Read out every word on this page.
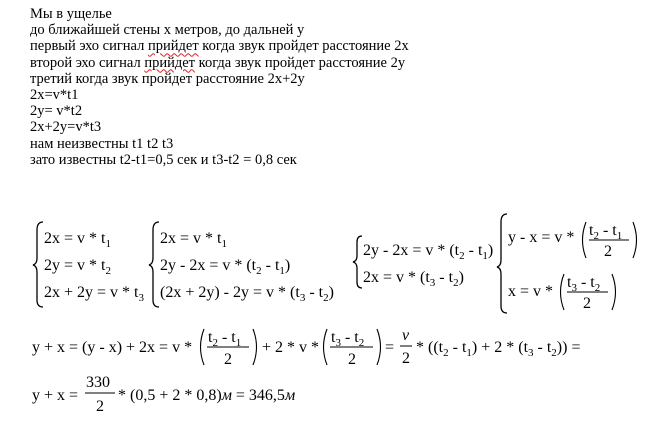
Мы в ущелье
до ближайшей стены х метров, до дальней у
первый эхо сигнал прийдет когда звук пройдет расстояние 2х
второй эхо сигнал прийдет когда звук пройдет расстояние 2у
третий когда звук пройдет расстояние 2х+2у
2х=v*t1
2у= v*t2
2х+2у=v*t3
нам неизвестны t1 t2 t3
зато известны t2-t1=0,5 сек и t3-t2 = 0,8 сек
$2x = v * t_1$
$2y = v * t_2$
$2x + 2y = v * t_3$
$2x = v * t_1$
$2y - 2x = v * (t_2 - t_1)$
$(2x + 2y) - 2y = v * (t_3 - t_2)$
$2y - 2x = v * (t_2 - t_1)$
$2x = v * (t_3 - t_2)$
$y - x = v * t_2 - t_1$
2
x = v *
$t_3 - t_2$
2
y + x = (y - x) + 2x = v *
$t_2 - t_1$
2
+ 2 * v *
$t_3 - t_2$
2
=
v
2
* $((t_2 - t_1) + 2 * (t_3 - t_2))$ =
y + x =
330
2
* (0,5 + 2 * 0,8)м = 346,5м
